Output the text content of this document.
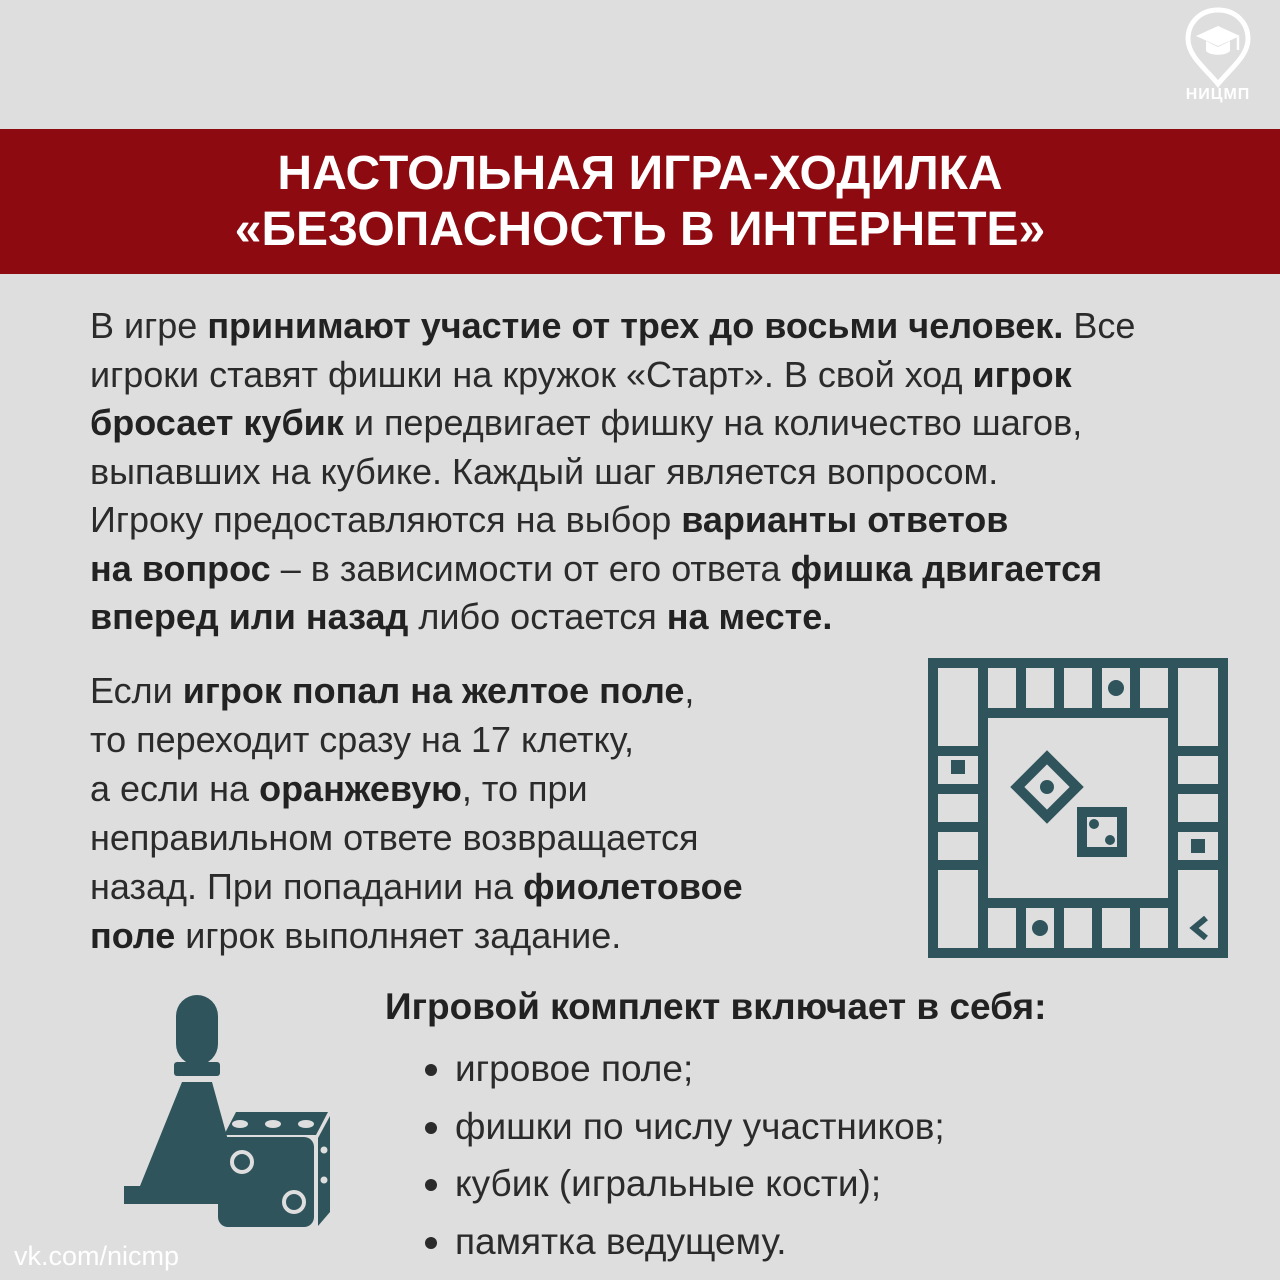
НИЦМП
НАСТОЛЬНАЯ ИГРА-ХОДИЛКА
«БЕЗОПАСНОСТЬ В ИНТЕРНЕТЕ»

В игре принимают участие от трех до восьми человек. Все
игроки ставят фишки на кружок «Старт». В свой ход игрок
бросает кубик и передвигает фишку на количество шагов,
выпавших на кубике. Каждый шаг является вопросом.
Игроку предоставляются на выбор варианты ответов
на вопрос – в зависимости от его ответа фишка двигается
вперед или назад либо остается на месте.

Если игрок попал на желтое поле,
то переходит сразу на 17 клетку,
а если на оранжевую, то при
неправильном ответе возвращается
назад. При попадании на фиолетовое
поле игрок выполняет задание.

Игровой комплект включает в себя:
игровое поле;
фишки по числу участников;
кубик (игральные кости);
памятка ведущему.
vk.com/nicmp
